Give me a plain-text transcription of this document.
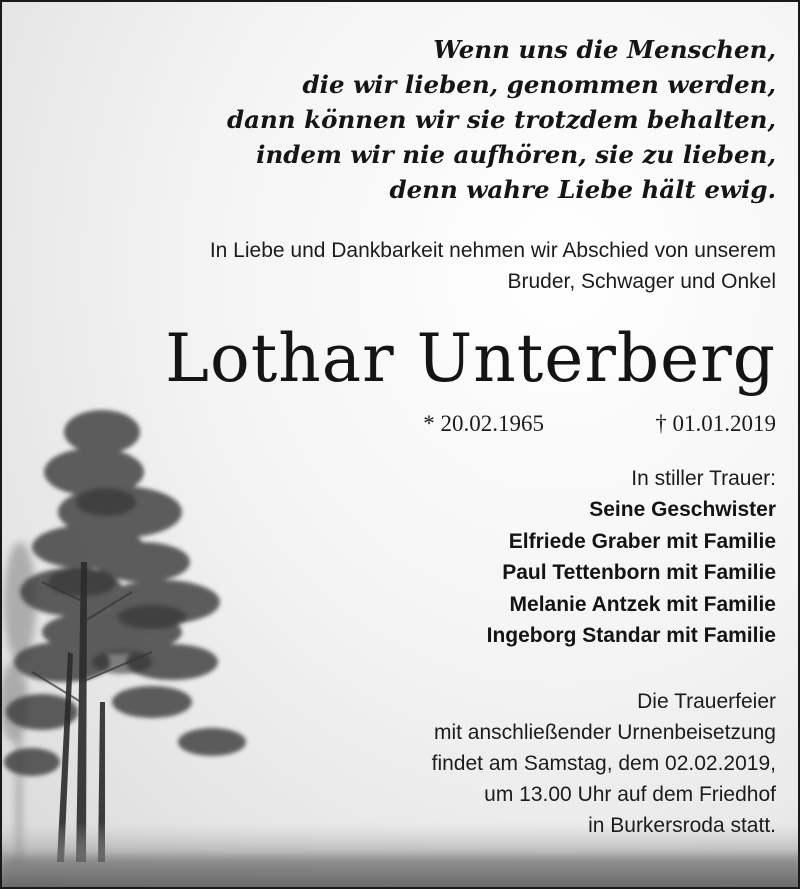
Wenn uns die Menschen,
die wir lieben, genommen werden,
dann können wir sie trotzdem behalten,
indem wir nie aufhören, sie zu lieben,
denn wahre Liebe hält ewig.
In Liebe und Dankbarkeit nehmen wir Abschied von unserem
Bruder, Schwager und Onkel
Lothar Unterberg
* 20.02.1965	† 01.01.2019
In stiller Trauer:
Seine Geschwister
Elfriede Graber mit Familie
Paul Tettenborn mit Familie
Melanie Antzek mit Familie
Ingeborg Standar mit Familie
Die Trauerfeier
mit anschließender Urnenbeisetzung
findet am Samstag, dem 02.02.2019,
um 13.00 Uhr auf dem Friedhof
in Burkersroda statt.
